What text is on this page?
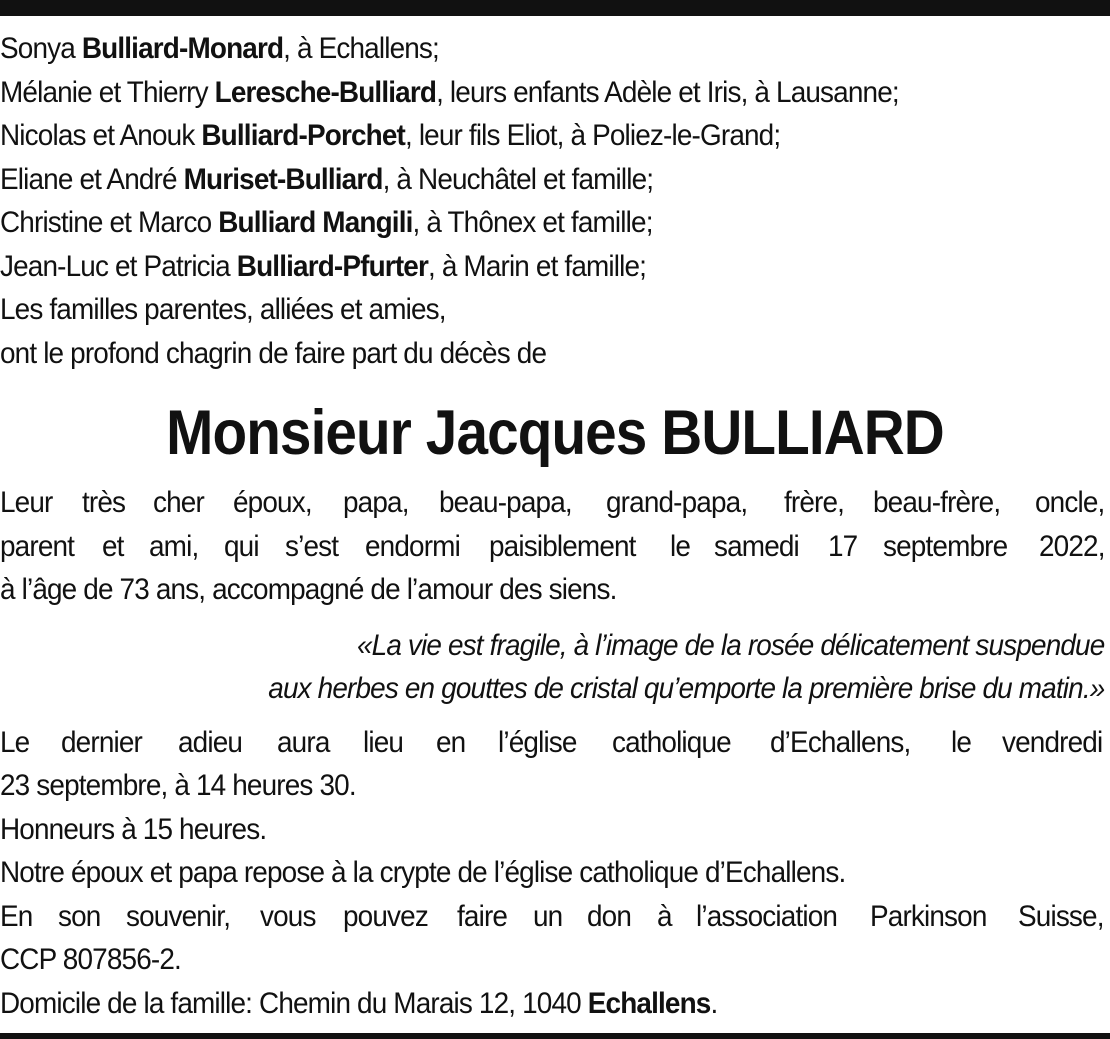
Sonya Bulliard-Monard, à Echallens;
Mélanie et Thierry Leresche-Bulliard, leurs enfants Adèle et Iris, à Lausanne;
Nicolas et Anouk Bulliard-Porchet, leur fils Eliot, à Poliez-le-Grand;
Eliane et André Muriset-Bulliard, à Neuchâtel et famille;
Christine et Marco Bulliard Mangili, à Thônex et famille;
Jean-Luc et Patricia Bulliard-Pfurter, à Marin et famille;
Les familles parentes, alliées et amies,
ont le profond chagrin de faire part du décès de
Monsieur Jacques BULLIARD
Leur très cher époux, papa, beau-papa, grand-papa, frère, beau-frère, oncle,
parent et ami, qui s’est endormi paisiblement le samedi 17 septembre 2022,
à l’âge de 73 ans, accompagné de l’amour des siens.
«La vie est fragile, à l’image de la rosée délicatement suspendue
aux herbes en gouttes de cristal qu’emporte la première brise du matin.»
Le dernier adieu aura lieu en l’église catholique d’Echallens, le vendredi
23 septembre, à 14 heures 30.
Honneurs à 15 heures.
Notre époux et papa repose à la crypte de l’église catholique d’Echallens.
En son souvenir, vous pouvez faire un don à l’association Parkinson Suisse,
CCP 807856-2.
Domicile de la famille: Chemin du Marais 12, 1040 Echallens.
